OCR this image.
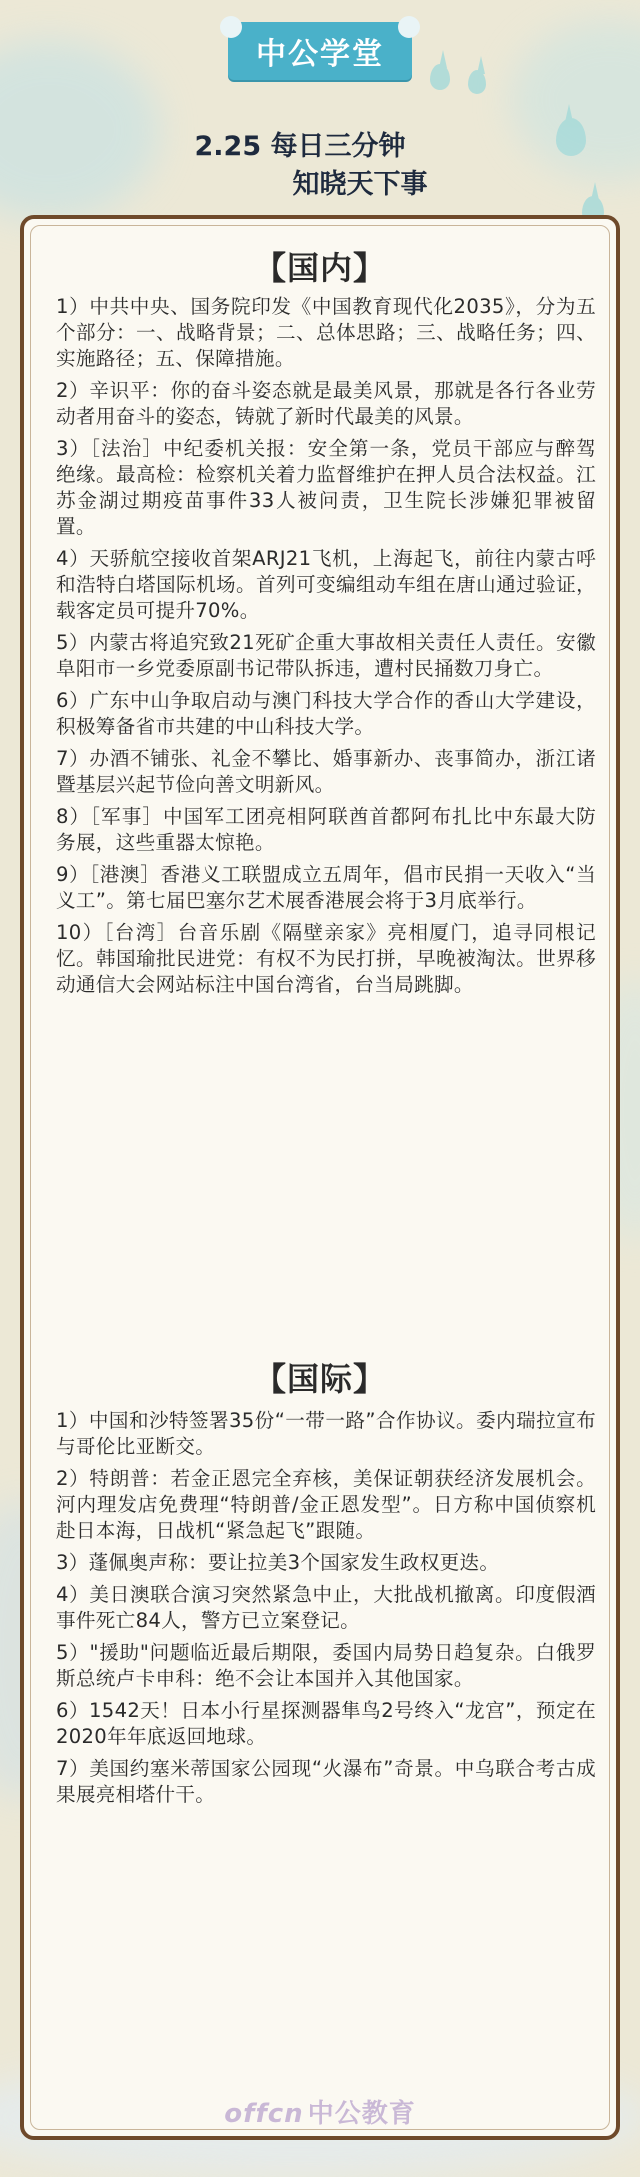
中公学堂
2.25 每日三分钟
知晓天下事
【国内】
1）中共中央、国务院印发《中国教育现代化2035》，分为五个部分：一、战略背景；二、总体思路；三、战略任务；四、实施路径；五、保障措施。
2）辛识平：你的奋斗姿态就是最美风景，那就是各行各业劳动者用奋斗的姿态，铸就了新时代最美的风景。
3）［法治］中纪委机关报：安全第一条，党员干部应与醉驾绝缘。最高检：检察机关着力监督维护在押人员合法权益。江苏金湖过期疫苗事件33人被问责，卫生院长涉嫌犯罪被留置。
4）天骄航空接收首架ARJ21飞机，上海起飞，前往内蒙古呼和浩特白塔国际机场。首列可变编组动车组在唐山通过验证，载客定员可提升70%。
5）内蒙古将追究致21死矿企重大事故相关责任人责任。安徽阜阳市一乡党委原副书记带队拆违，遭村民捅数刀身亡。
6）广东中山争取启动与澳门科技大学合作的香山大学建设，积极筹备省市共建的中山科技大学。
7）办酒不铺张、礼金不攀比、婚事新办、丧事简办，浙江诸暨基层兴起节俭向善文明新风。
8）［军事］中国军工团亮相阿联酋首都阿布扎比中东最大防务展，这些重器太惊艳。
9）［港澳］香港义工联盟成立五周年，倡市民捐一天收入“当义工”。第七届巴塞尔艺术展香港展会将于3月底举行。
10）［台湾］台音乐剧《隔壁亲家》亮相厦门，追寻同根记忆。韩国瑜批民进党：有权不为民打拼，早晚被淘汰。世界移动通信大会网站标注中国台湾省，台当局跳脚。
【国际】
1）中国和沙特签署35份“一带一路”合作协议。委内瑞拉宣布与哥伦比亚断交。
2）特朗普：若金正恩完全弃核，美保证朝获经济发展机会。河内理发店免费理“特朗普/金正恩发型”。日方称中国侦察机赴日本海，日战机“紧急起飞”跟随。
3）蓬佩奥声称：要让拉美3个国家发生政权更迭。
4）美日澳联合演习突然紧急中止，大批战机撤离。印度假酒事件死亡84人，警方已立案登记。
5）"援助"问题临近最后期限，委国内局势日趋复杂。白俄罗斯总统卢卡申科：绝不会让本国并入其他国家。
6）1542天！日本小行星探测器隼鸟2号终入“龙宫”，预定在2020年年底返回地球。
7）美国约塞米蒂国家公园现“火瀑布”奇景。中乌联合考古成果展亮相塔什干。
offcn 中公教育
